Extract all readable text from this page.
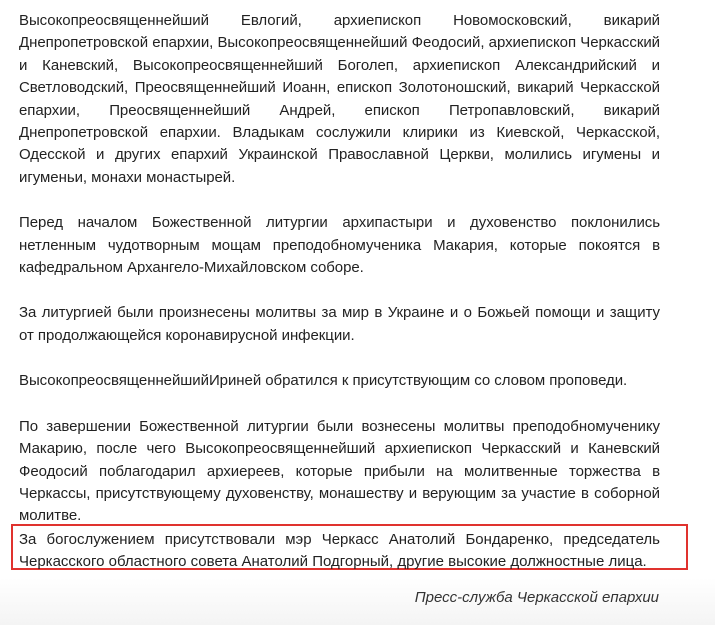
Высокопреосвященнейший Евлогий, архиепископ Новомосковский, викарий Днепропетровской епархии, Высокопреосвященнейший Феодосий, архиепископ Черкасский и Каневский, Высокопреосвященнейший Боголеп, архиепископ Александрийский и Светловодский, Преосвященнейший Иоанн, епископ Золотоношский, викарий Черкасской епархии, Преосвященнейший Андрей, епископ Петропавловский, викарий Днепропетровской епархии. Владыкам сослужили клирики из Киевской, Черкасской, Одесской и других епархий Украинской Православной Церкви, молились игумены и игуменьи, монахи монастырей.

Перед началом Божественной литургии архипастыри и духовенство поклонились нетленным чудотворным мощам преподобномученика Макария, которые покоятся в кафедральном Архангело-Михайловском соборе.

За литургией были произнесены молитвы за мир в Украине и о Божьей помощи и защиту от продолжающейся коронавирусной инфекции.

ВысокопреосвященнейшийИриней обратился к присутствующим со словом проповеди.

По завершении Божественной литургии были вознесены молитвы преподобномученику Макарию, после чего Высокопреосвященнейший архиепископ Черкасский и Каневский Феодосий поблагодарил архиереев, которые прибыли на молитвенные торжества в Черкассы, присутствующему духовенству, монашеству и верующим за участие в соборной молитве.

За богослужением присутствовали мэр Черкасс Анатолий Бондаренко, председатель Черкасского областного совета Анатолий Подгорный, другие высокие должностные лица.

Пресс-служба Черкасской епархии
